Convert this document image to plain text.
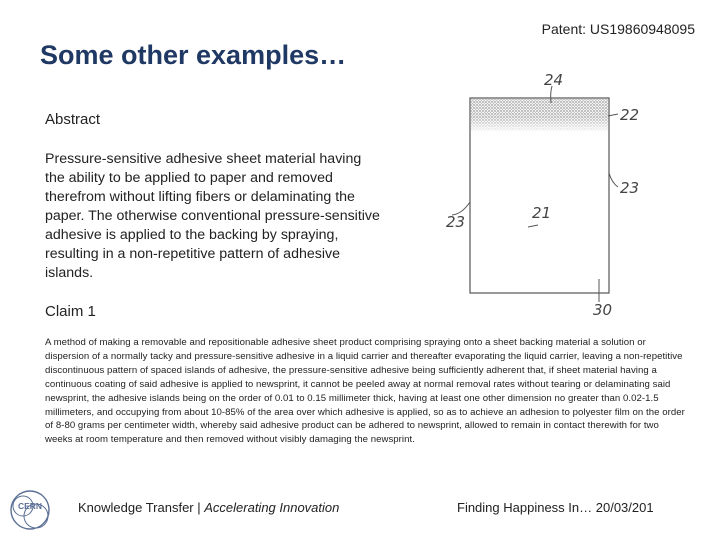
Patent: US19860948095
Some other examples…
Abstract
Pressure-sensitive adhesive sheet material having the ability to be applied to paper and removed therefrom without lifting fibers or delaminating the paper. The otherwise conventional pressure-sensitive adhesive is applied to the backing by spraying, resulting in a non-repetitive pattern of adhesive islands.
24
22
23
21
23
30
Claim 1
A method of making a removable and repositionable adhesive sheet product comprising spraying onto a sheet backing material a solution or dispersion of a normally tacky and pressure-sensitive adhesive in a liquid carrier and thereafter evaporating the liquid carrier, leaving a non-repetitive discontinuous pattern of spaced islands of adhesive, the pressure-sensitive adhesive being sufficiently adherent that, if sheet material having a continuous coating of said adhesive is applied to newsprint, it cannot be peeled away at normal removal rates without tearing or delaminating said newsprint, the adhesive islands being on the order of 0.01 to 0.15 millimeter thick, having at least one other dimension no greater than 0.02-1.5 millimeters, and occupying from about 10-85% of the area over which adhesive is applied, so as to achieve an adhesion to polyester film on the order of 8-80 grams per centimeter width, whereby said adhesive product can be adhered to newsprint, allowed to remain in contact therewith for two weeks at room temperature and then removed without visibly damaging the newsprint.
CERN	Knowledge Transfer | Accelerating Innovation	Finding Happiness In… 20/03/201
